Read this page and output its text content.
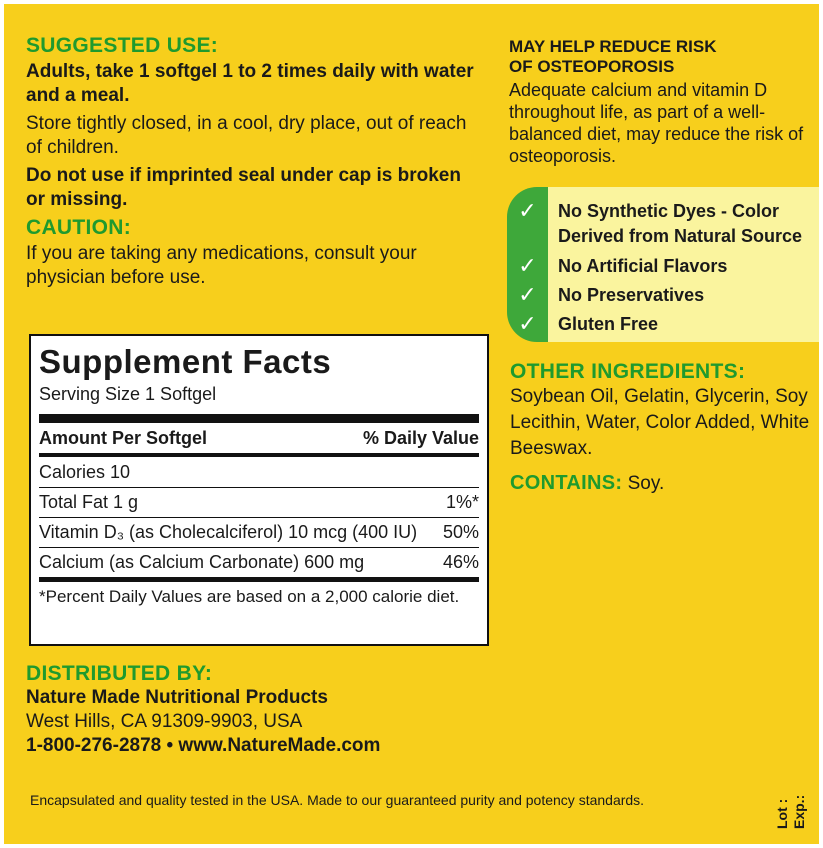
SUGGESTED USE:
Adults, take 1 softgel 1 to 2 times daily with water and a meal.
Store tightly closed, in a cool, dry place, out of reach of children.
Do not use if imprinted seal under cap is broken or missing.
CAUTION:
If you are taking any medications, consult your physician before use.
Supplement Facts
Serving Size 1 Softgel
Amount Per Softgel	% Daily Value
Calories 10
Total Fat 1 g	1%*
Vitamin D₃ (as Cholecalciferol) 10 mcg (400 IU) 50%
Calcium (as Calcium Carbonate) 600 mg	46%
*Percent Daily Values are based on a 2,000 calorie diet.
DISTRIBUTED BY:
Nature Made Nutritional Products
West Hills, CA 91309-9903, USA
1-800-276-2878 • www.NatureMade.com
Encapsulated and quality tested in the USA. Made to our guaranteed purity and potency standards.	Lot : Exp.:
MAY HELP REDUCE RISK
OF OSTEOPOROSIS
Adequate calcium and vitamin D throughout life, as part of a well-balanced diet, may reduce the risk of osteoporosis.
✓	No Synthetic Dyes - Color
Derived from Natural Source
✓	No Artificial Flavors
✓	No Preservatives
✓	Gluten Free
OTHER INGREDIENTS:
Soybean Oil, Gelatin, Glycerin, Soy Lecithin, Water, Color Added, White Beeswax.
CONTAINS: Soy.
